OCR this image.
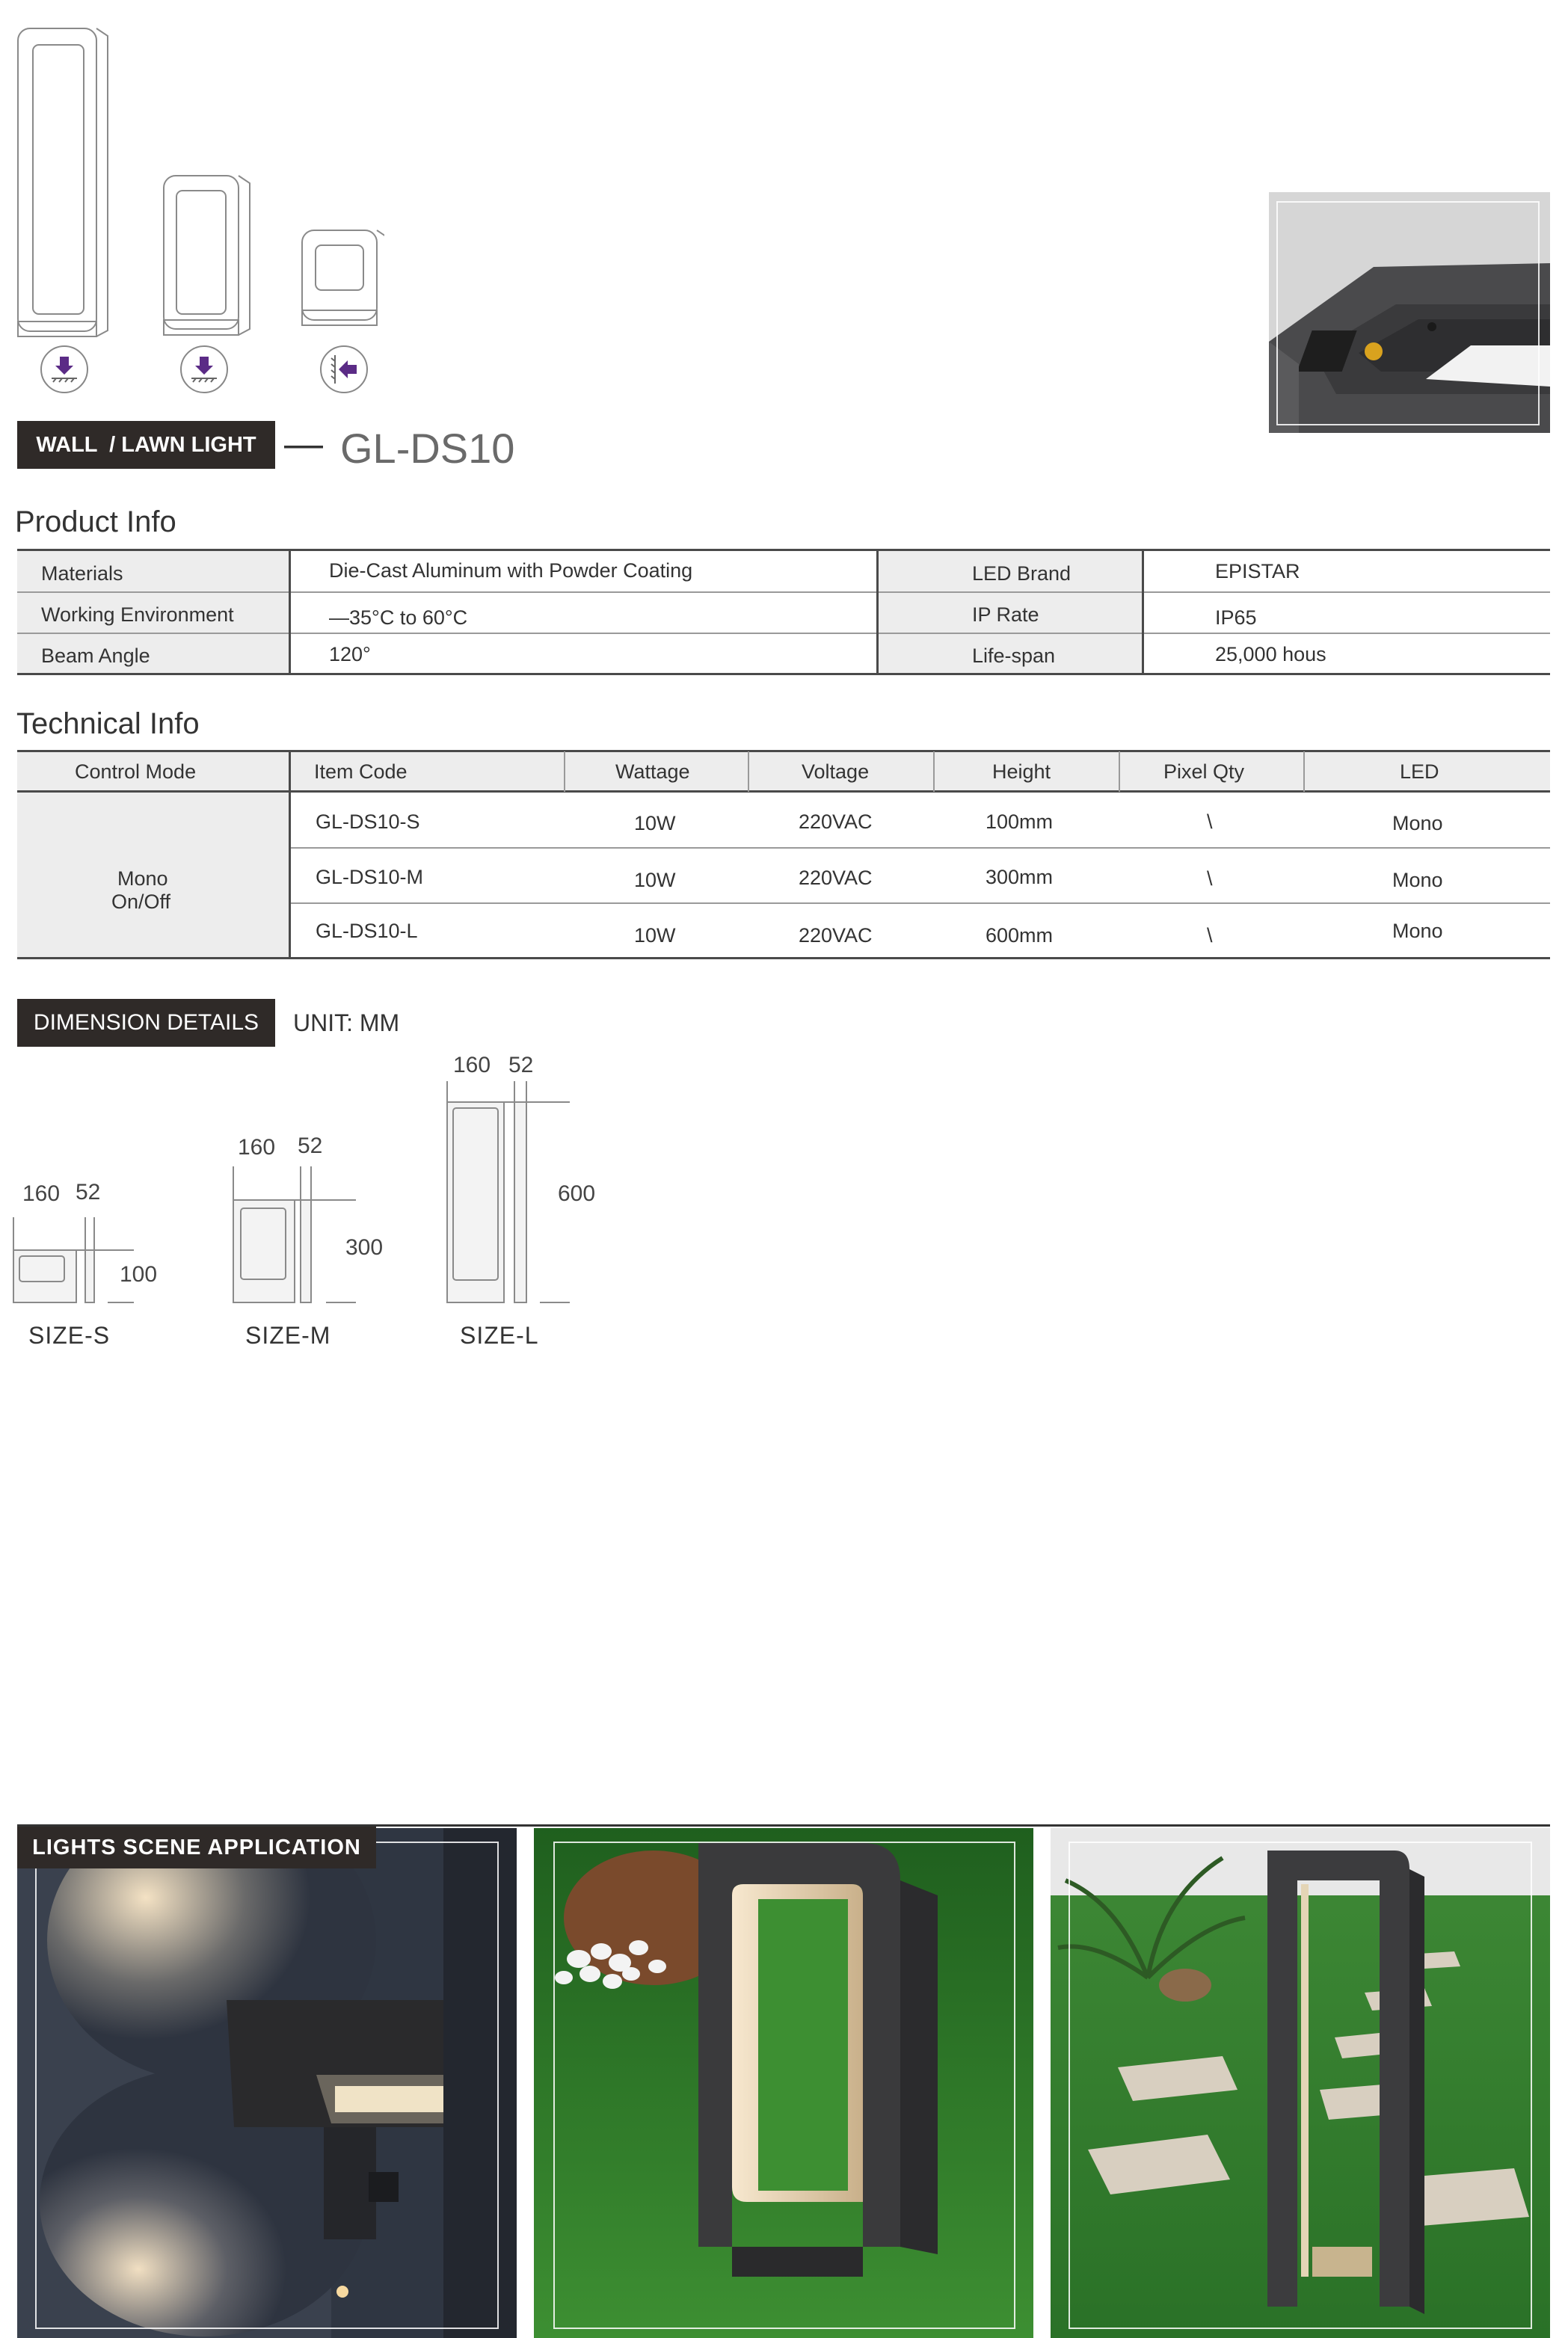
WALL  / LAWN LIGHT — GL-DS10
Product Info
Materials	Die-Cast Aluminum with Powder Coating	LED Brand	EPISTAR
Working Environment	—35°C to 60°C	IP Rate	IP65
Beam Angle	120°	Life-span	25,000 hous
Technical Info
Control Mode	Item Code	Wattage	Voltage	Height	Pixel Qty	LED
Mono
On/Off
GL-DS10-S	10W	220VAC	100mm	\	Mono
GL-DS10-M	10W	220VAC	300mm	\	Mono
GL-DS10-L	10W	220VAC	600mm	\	Mono
DIMENSION DETAILS	UNIT: MM
160 52
100
SIZE-S
160 52
300
SIZE-M
160 52
600
SIZE-L
LIGHTS SCENE APPLICATION
